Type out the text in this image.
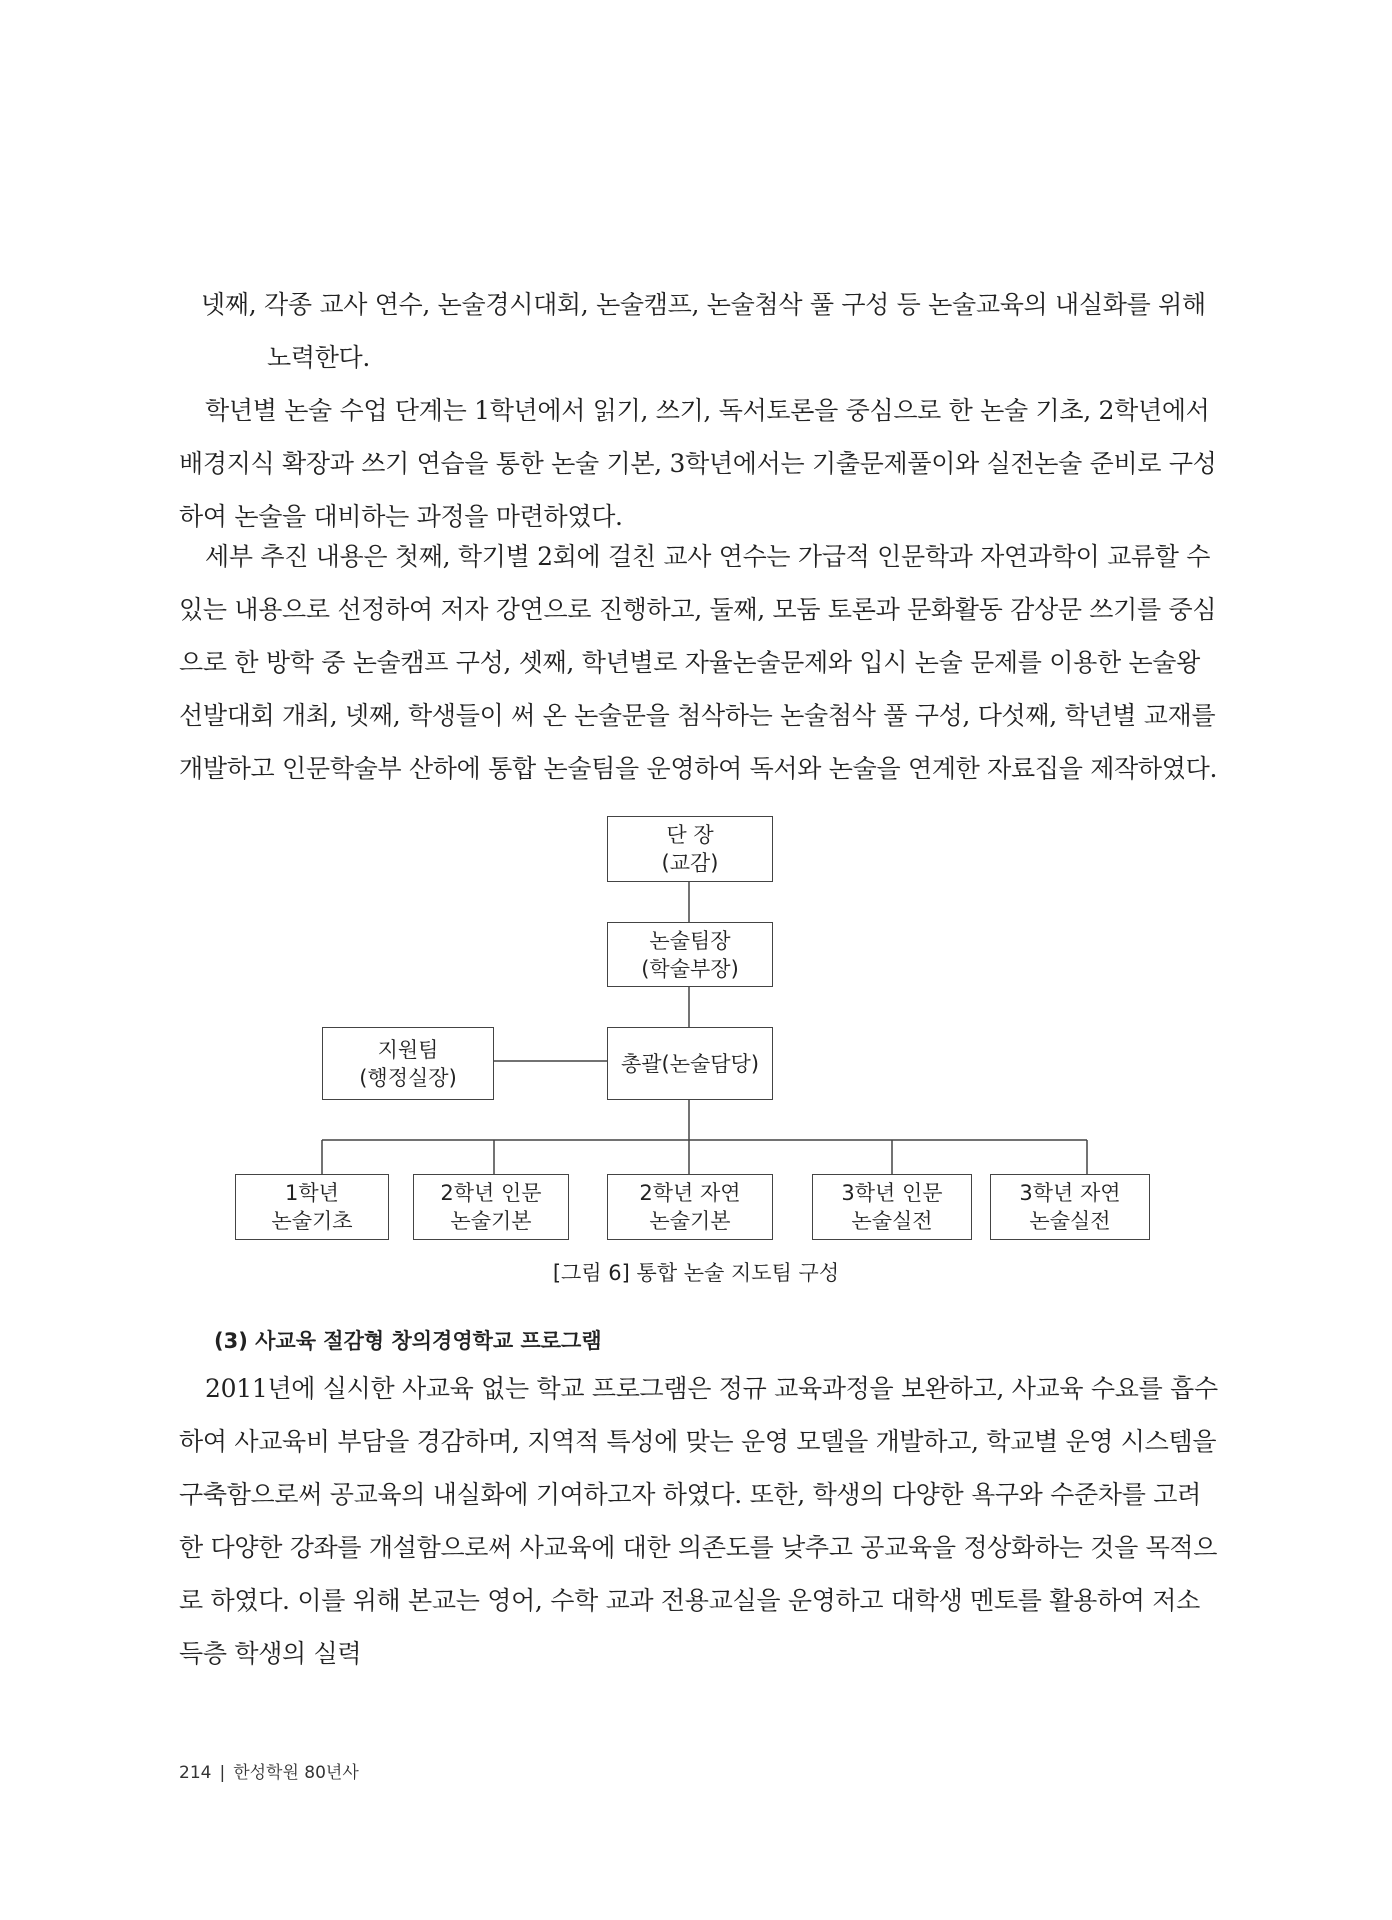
넷째, 각종 교사 연수, 논술경시대회, 논술캠프, 논술첨삭 풀 구성 등 논술교육의 내실화를 위해 노력한다.

학년별 논술 수업 단계는 1학년에서 읽기, 쓰기, 독서토론을 중심으로 한 논술 기초, 2학년에서 배경지식 확장과 쓰기 연습을 통한 논술 기본, 3학년에서는 기출문제풀이와 실전논술 준비로 구성하여 논술을 대비하는 과정을 마련하였다.

세부 추진 내용은 첫째, 학기별 2회에 걸친 교사 연수는 가급적 인문학과 자연과학이 교류할 수 있는 내용으로 선정하여 저자 강연으로 진행하고, 둘째, 모둠 토론과 문화활동 감상문 쓰기를 중심으로 한 방학 중 논술캠프 구성, 셋째, 학년별로 자율논술문제와 입시 논술 문제를 이용한 논술왕 선발대회 개최, 넷째, 학생들이 써 온 논술문을 첨삭하는 논술첨삭 풀 구성, 다섯째, 학년별 교재를 개발하고 인문학술부 산하에 통합 논술팀을 운영하여 독서와 논술을 연계한 자료집을 제작하였다.

단 장
(교감)
논술팀장
(학술부장)
지원팀
(행정실장)
총괄(논술담당)
1학년
논술기초
2학년 인문
논술기본
2학년 자연
논술기본
3학년 인문
논술실전
3학년 자연
논술실전
[그림 6] 통합 논술 지도팀 구성
(3) 사교육 절감형 창의경영학교 프로그램

2011년에 실시한 사교육 없는 학교 프로그램은 정규 교육과정을 보완하고, 사교육 수요를 흡수하여 사교육비 부담을 경감하며, 지역적 특성에 맞는 운영 모델을 개발하고, 학교별 운영 시스템을 구축함으로써 공교육의 내실화에 기여하고자 하였다. 또한, 학생의 다양한 욕구와 수준차를 고려한 다양한 강좌를 개설함으로써 사교육에 대한 의존도를 낮추고 공교육을 정상화하는 것을 목적으로 하였다. 이를 위해 본교는 영어, 수학 교과 전용교실을 운영하고 대학생 멘토를 활용하여 저소득층 학생의 실력

214 | 한성학원 80년사
